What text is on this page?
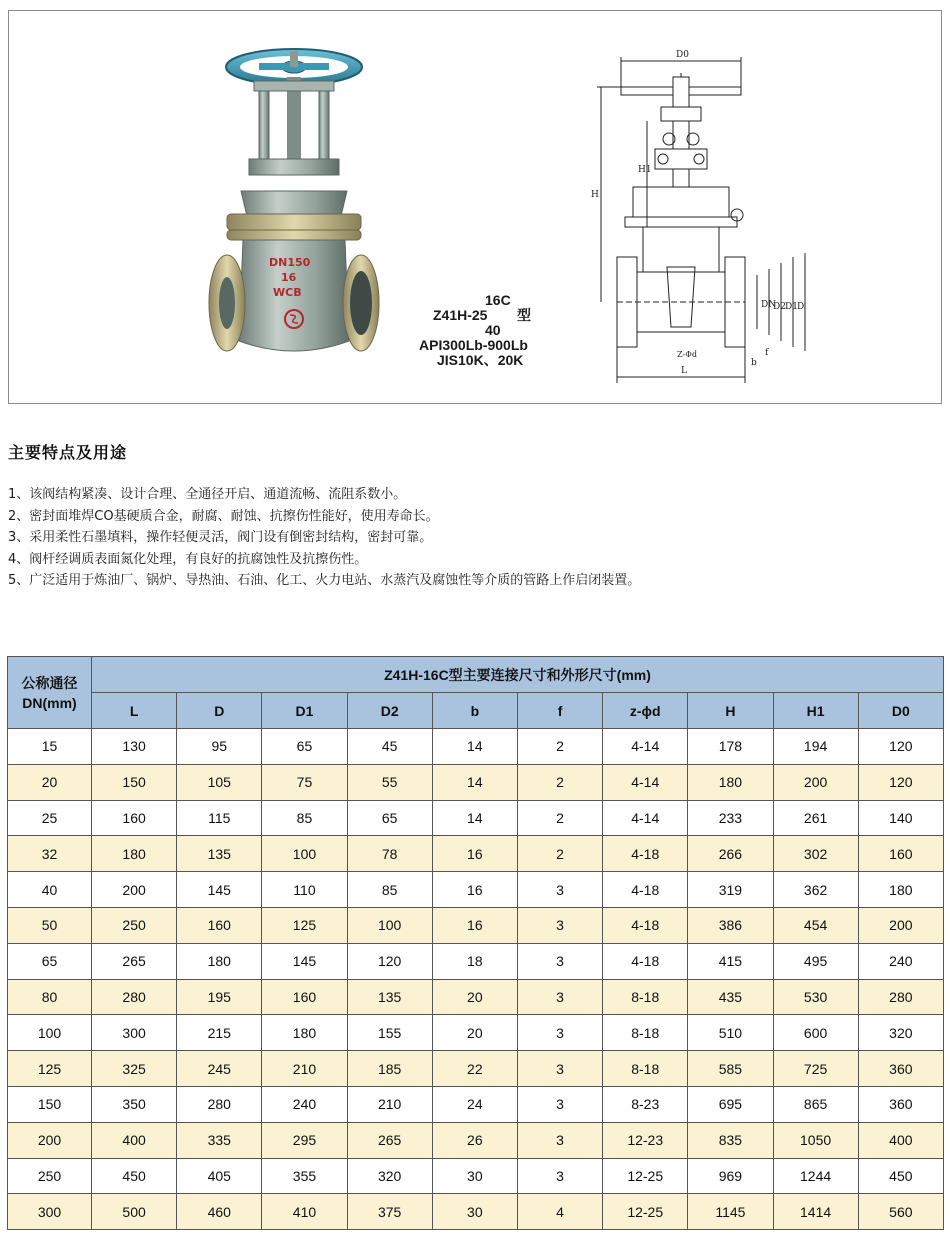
DN150
16
WCB	16C
Z41H-25 型
40
API300Lb-900Lb
JIS10K、20K
D0
H
H1
DN
D2 D1 D
L
Z-Φd
b
f
主要特点及用途
1、该阀结构紧凑、设计合理、全通径开启、通道流畅、流阻系数小。
2、密封面堆焊CO基硬质合金，耐腐、耐蚀、抗擦伤性能好，使用寿命长。
3、采用柔性石墨填料，操作轻便灵活，阀门设有倒密封结构，密封可靠。
4、阀杆经调质表面氮化处理，有良好的抗腐蚀性及抗擦伤性。
5、广泛适用于炼油厂、锅炉、导热油、石油、化工、火力电站、水蒸汽及腐蚀性等介质的管路上作启闭装置。
公称通径
DN(mm)	Z41H-16C型主要连接尺寸和外形尺寸(mm)									
	L	D	D1	D2	b	f	z-ϕd	H	H1	D0
15	130	95	65	45	14	2	4-14	178	194	120
20	150	105	75	55	14	2	4-14	180	200	120
25	160	115	85	65	14	2	4-14	233	261	140
32	180	135	100	78	16	2	4-18	266	302	160
40	200	145	110	85	16	3	4-18	319	362	180
50	250	160	125	100	16	3	4-18	386	454	200
65	265	180	145	120	18	3	4-18	415	495	240
80	280	195	160	135	20	3	8-18	435	530	280
100	300	215	180	155	20	3	8-18	510	600	320
125	325	245	210	185	22	3	8-18	585	725	360
150	350	280	240	210	24	3	8-23	695	865	360
200	400	335	295	265	26	3	12-23	835	1050	400
250	450	405	355	320	30	3	12-25	969	1244	450
300	500	460	410	375	30	4	12-25	1145	1414	560
